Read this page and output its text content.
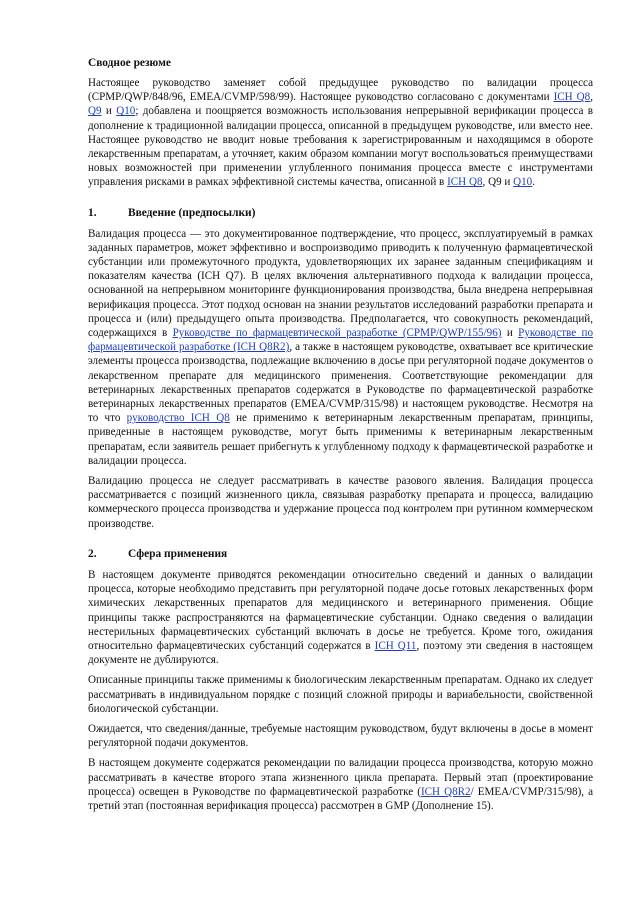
Сводное резюме

Настоящее руководство заменяет собой предыдущее руководство по валидации процесса (CPMP/QWP/848/96, EMEA/CVMP/598/99). Настоящее руководство согласовано с документами ICH Q8, Q9 и Q10; добавлена и поощряется возможность использования непрерывной верификации процесса в дополнение к традиционной валидации процесса, описанной в предыдущем руководстве, или вместо нее. Настоящее руководство не вводит новые требования к зарегистрированным и находящимся в обороте лекарственным препаратам, а уточняет, каким образом компании могут воспользоваться преимуществами новых возможностей при применении углубленного понимания процесса вместе с инструментами управления рисками в рамках эффективной системы качества, описанной в ICH Q8, Q9 и Q10.

1.	Введение (предпосылки)

Валидация процесса — это документированное подтверждение, что процесс, эксплуатируемый в рамках заданных параметров, может эффективно и воспроизводимо приводить к полученную фармацевтической субстанции или промежуточного продукта, удовлетворяющих их заранее заданным спецификациям и показателям качества (ICH Q7). В целях включения альтернативного подхода к валидации процесса, основанной на непрерывном мониторинге функционирования производства, была внедрена непрерывная верификация процесса. Этот подход основан на знании результатов исследований разработки препарата и процесса и (или) предыдущего опыта производства. Предполагается, что совокупность рекомендаций, содержащихся в Руководстве по фармацевтической разработке (CPMP/QWP/155/96) и Руководстве по фармацевтической разработке (ICH Q8R2), а также в настоящем руководстве, охватывает все критические элементы процесса производства, подлежащие включению в досье при регуляторной подаче документов о лекарственном препарате для медицинского применения. Соответствующие рекомендации для ветеринарных лекарственных препаратов содержатся в Руководстве по фармацевтической разработке ветеринарных лекарственных препаратов (EMEA/CVMP/315/98) и настоящем руководстве. Несмотря на то что руководство ICH Q8 не применимо к ветеринарным лекарственным препаратам, принципы, приведенные в настоящем руководстве, могут быть применимы к ветеринарным лекарственным препаратам, если заявитель решает прибегнуть к углубленному подходу к фармацевтической разработке и валидации процесса.

Валидацию процесса не следует рассматривать в качестве разового явления. Валидация процесса рассматривается с позиций жизненного цикла, связывая разработку препарата и процесса, валидацию коммерческого процесса производства и удержание процесса под контролем при рутинном коммерческом производстве.

2.	Сфера применения

В настоящем документе приводятся рекомендации относительно сведений и данных о валидации процесса, которые необходимо представить при регуляторной подаче досье готовых лекарственных форм химических лекарственных препаратов для медицинского и ветеринарного применения. Общие принципы также распространяются на фармацевтические субстанции. Однако сведения о валидации нестерильных фармацевтических субстанций включать в досье не требуется. Кроме того, ожидания относительно фармацевтических субстанций содержатся в ICH Q11, поэтому эти сведения в настоящем документе не дублируются.

Описанные принципы также применимы к биологическим лекарственным препаратам. Однако их следует рассматривать в индивидуальном порядке с позиций сложной природы и вариабельности, свойственной биологической субстанции.

Ожидается, что сведения/данные, требуемые настоящим руководством, будут включены в досье в момент регуляторной подачи документов.

В настоящем документе содержатся рекомендации по валидации процесса производства, которую можно рассматривать в качестве второго этапа жизненного цикла препарата. Первый этап (проектирование процесса) освещен в Руководстве по фармацевтической разработке (ICH Q8R2/ EMEA/CVMP/315/98), а третий этап (постоянная верификация процесса) рассмотрен в GMP (Дополнение 15).
